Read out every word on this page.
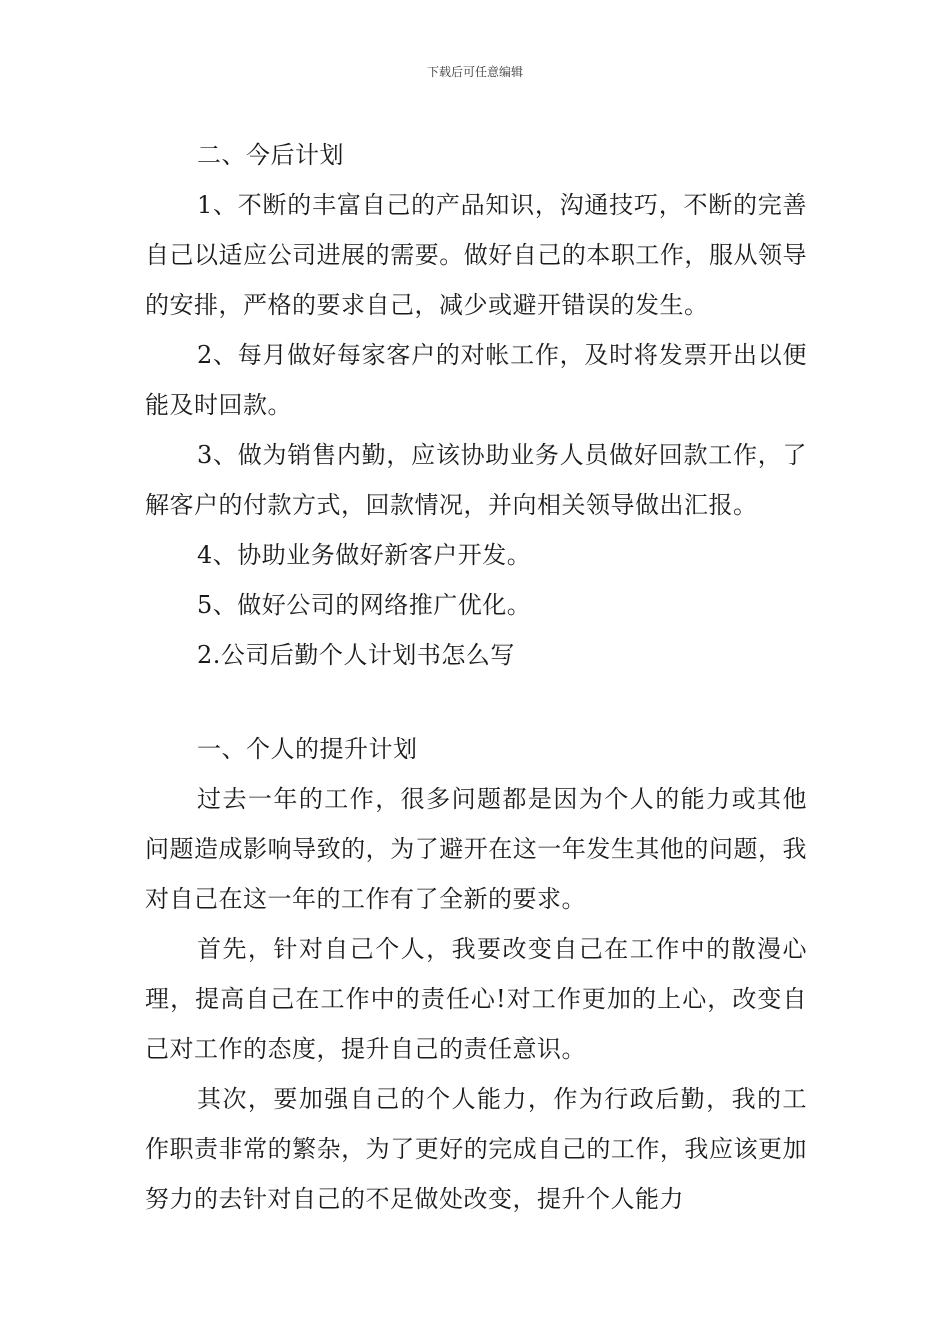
下载后可任意编辑

二、今后计划

1、不断的丰富自己的产品知识，沟通技巧，不断的完善自己以适应公司进展的需要。做好自己的本职工作，服从领导的安排，严格的要求自己，减少或避开错误的发生。

2、每月做好每家客户的对帐工作，及时将发票开出以便能及时回款。

3、做为销售内勤，应该协助业务人员做好回款工作，了解客户的付款方式，回款情况，并向相关领导做出汇报。

4、协助业务做好新客户开发。

5、做好公司的网络推广优化。

2.公司后勤个人计划书怎么写

一、个人的提升计划

过去一年的工作，很多问题都是因为个人的能力或其他问题造成影响导致的，为了避开在这一年发生其他的问题，我对自己在这一年的工作有了全新的要求。

首先，针对自己个人，我要改变自己在工作中的散漫心理，提高自己在工作中的责任心!对工作更加的上心，改变自己对工作的态度，提升自己的责任意识。

其次，要加强自己的个人能力，作为行政后勤，我的工作职责非常的繁杂，为了更好的完成自己的工作，我应该更加努力的去针对自己的不足做处改变，提升个人能力
